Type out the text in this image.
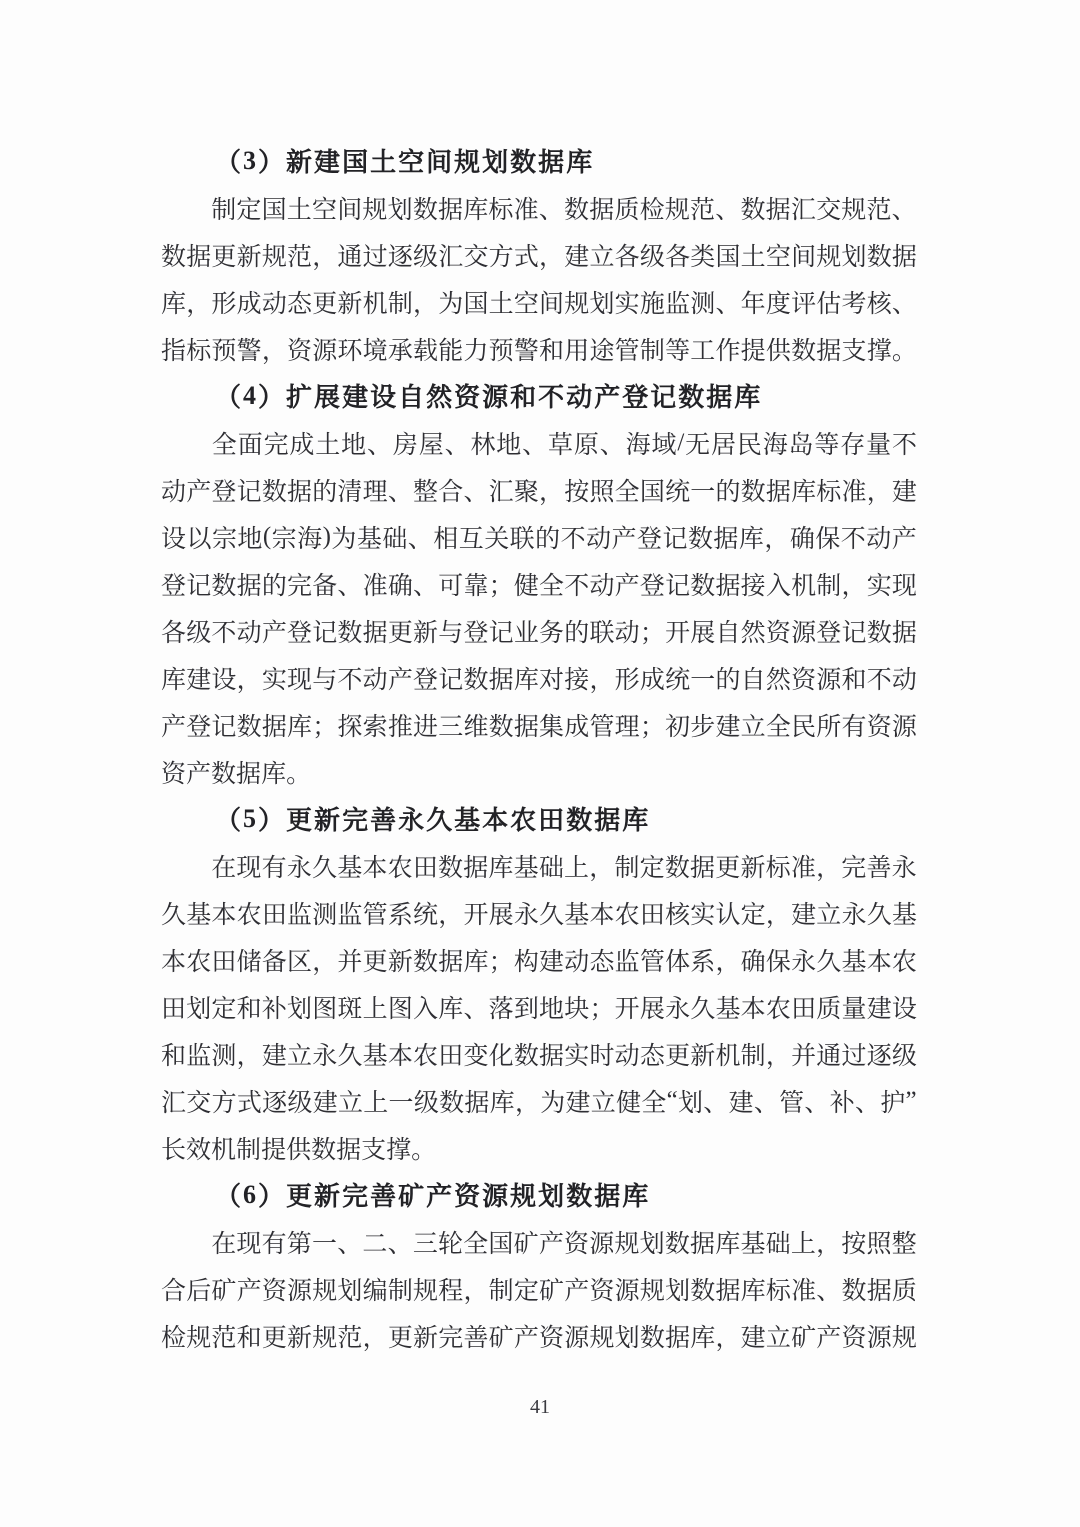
（ 3 ） 新 建 国 土 空 间 规 划 数 据 库
制 定 国 土 空 间 规 划 数 据 库 标 准 、 数 据 质 检 规 范 、 数 据 汇 交 规 范 、
数 据 更 新 规 范 ， 通 过 逐 级 汇 交 方 式 ， 建 立 各 级 各 类 国 土 空 间 规 划 数 据
库 ， 形 成 动 态 更 新 机 制 ， 为 国 土 空 间 规 划 实 施 监 测 、 年 度 评 估 考 核 、
指 标 预 警 ， 资 源 环 境 承 载 能 力 预 警 和 用 途 管 制 等 工 作 提 供 数 据 支 撑 。
（ 4 ） 扩 展 建 设 自 然 资 源 和 不 动 产 登 记 数 据 库
全 面 完 成 土 地 、 房 屋 、 林 地 、 草 原 、 海 域 / 无 居 民 海 岛 等 存 量 不
动 产 登 记 数 据 的 清 理 、 整 合 、 汇 聚 ， 按 照 全 国 统 一 的 数 据 库 标 准 ， 建
设 以 宗 地 ( 宗 海 ) 为 基 础 、 相 互 关 联 的 不 动 产 登 记 数 据 库 ， 确 保 不 动 产
登 记 数 据 的 完 备 、 准 确 、 可 靠 ； 健 全 不 动 产 登 记 数 据 接 入 机 制 ， 实 现
各 级 不 动 产 登 记 数 据 更 新 与 登 记 业 务 的 联 动 ； 开 展 自 然 资 源 登 记 数 据
库 建 设 ， 实 现 与 不 动 产 登 记 数 据 库 对 接 ， 形 成 统 一 的 自 然 资 源 和 不 动
产 登 记 数 据 库 ； 探 索 推 进 三 维 数 据 集 成 管 理 ； 初 步 建 立 全 民 所 有 资 源
资 产 数 据 库 。
（ 5 ） 更 新 完 善 永 久 基 本 农 田 数 据 库
在 现 有 永 久 基 本 农 田 数 据 库 基 础 上 ， 制 定 数 据 更 新 标 准 ， 完 善 永
久 基 本 农 田 监 测 监 管 系 统 ， 开 展 永 久 基 本 农 田 核 实 认 定 ， 建 立 永 久 基
本 农 田 储 备 区 ， 并 更 新 数 据 库 ； 构 建 动 态 监 管 体 系 ， 确 保 永 久 基 本 农
田 划 定 和 补 划 图 斑 上 图 入 库 、 落 到 地 块 ； 开 展 永 久 基 本 农 田 质 量 建 设
和 监 测 ， 建 立 永 久 基 本 农 田 变 化 数 据 实 时 动 态 更 新 机 制 ， 并 通 过 逐 级
汇 交 方 式 逐 级 建 立 上 一 级 数 据 库 ， 为 建 立 健 全 “ 划 、 建 、 管 、 补 、 护 ”
长 效 机 制 提 供 数 据 支 撑 。
（ 6 ） 更 新 完 善 矿 产 资 源 规 划 数 据 库
在 现 有 第 一 、 二 、 三 轮 全 国 矿 产 资 源 规 划 数 据 库 基 础 上 ， 按 照 整
合 后 矿 产 资 源 规 划 编 制 规 程 ， 制 定 矿 产 资 源 规 划 数 据 库 标 准 、 数 据 质
检 规 范 和 更 新 规 范 ， 更 新 完 善 矿 产 资 源 规 划 数 据 库 ， 建 立 矿 产 资 源 规
41
